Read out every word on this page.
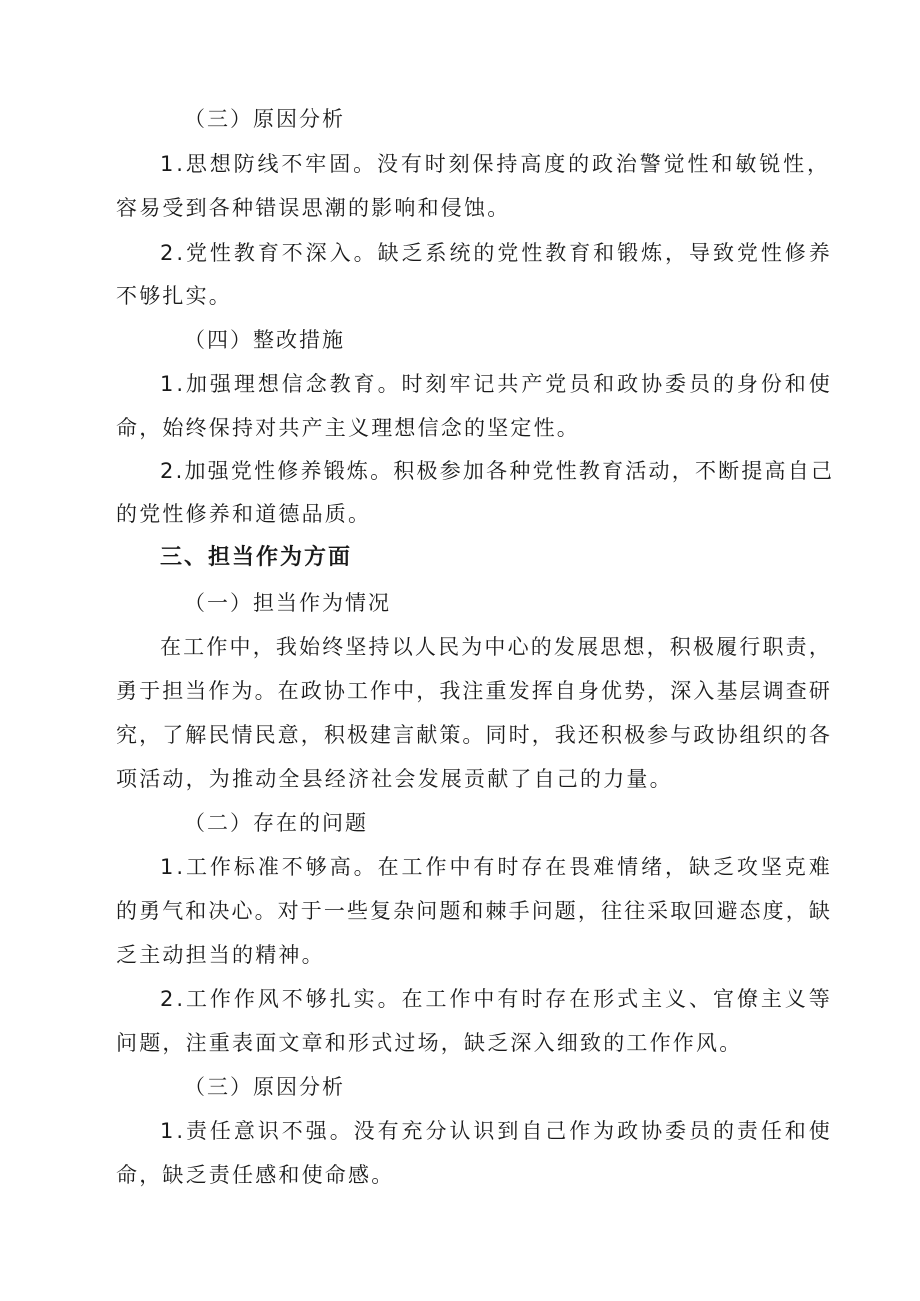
（三）原因分析
1 . 思 想 防 线 不 牢 固 。 没 有 时 刻 保 持 高 度 的 政 治 警 觉 性 和 敏 锐 性 ，
容易受到各种错误思潮的影响和侵蚀。
2 . 党 性 教 育 不 深 入 。 缺 乏 系 统 的 党 性 教 育 和 锻 炼 ， 导 致 党 性 修 养
不够扎实。
（四）整改措施
1 . 加 强 理 想 信 念 教 育 。 时 刻 牢 记 共 产 党 员 和 政 协 委 员 的 身 份 和 使
命，始终保持对共产主义理想信念的坚定性。
2 . 加 强 党 性 修 养 锻 炼 。 积 极 参 加 各 种 党 性 教 育 活 动 ， 不 断 提 高 自 己
的党性修养和道德品质。
三、担当作为方面
（一）担当作为情况
在 工 作 中 ， 我 始 终 坚 持 以 人 民 为 中 心 的 发 展 思 想 ， 积 极 履 行 职 责 ，
勇 于 担 当 作 为 。 在 政 协 工 作 中 ， 我 注 重 发 挥 自 身 优 势 ， 深 入 基 层 调 查 研
究 ， 了 解 民 情 民 意 ， 积 极 建 言 献 策 。 同 时 ， 我 还 积 极 参 与 政 协 组 织 的 各
项活动，为推动全县经济社会发展贡献了自己的力量。
（二）存在的问题
1 . 工 作 标 准 不 够 高 。 在 工 作 中 有 时 存 在 畏 难 情 绪 ， 缺 乏 攻 坚 克 难
的 勇 气 和 决 心 。 对 于 一 些 复 杂 问 题 和 棘 手 问 题 ， 往 往 采 取 回 避 态 度 ， 缺
乏主动担当的精神。
2 . 工 作 作 风 不 够 扎 实 。 在 工 作 中 有 时 存 在 形 式 主 义 、 官 僚 主 义 等
问题，注重表面文章和形式过场，缺乏深入细致的工作作风。
（三）原因分析
1 . 责 任 意 识 不 强 。 没 有 充 分 认 识 到 自 己 作 为 政 协 委 员 的 责 任 和 使
命，缺乏责任感和使命感。
